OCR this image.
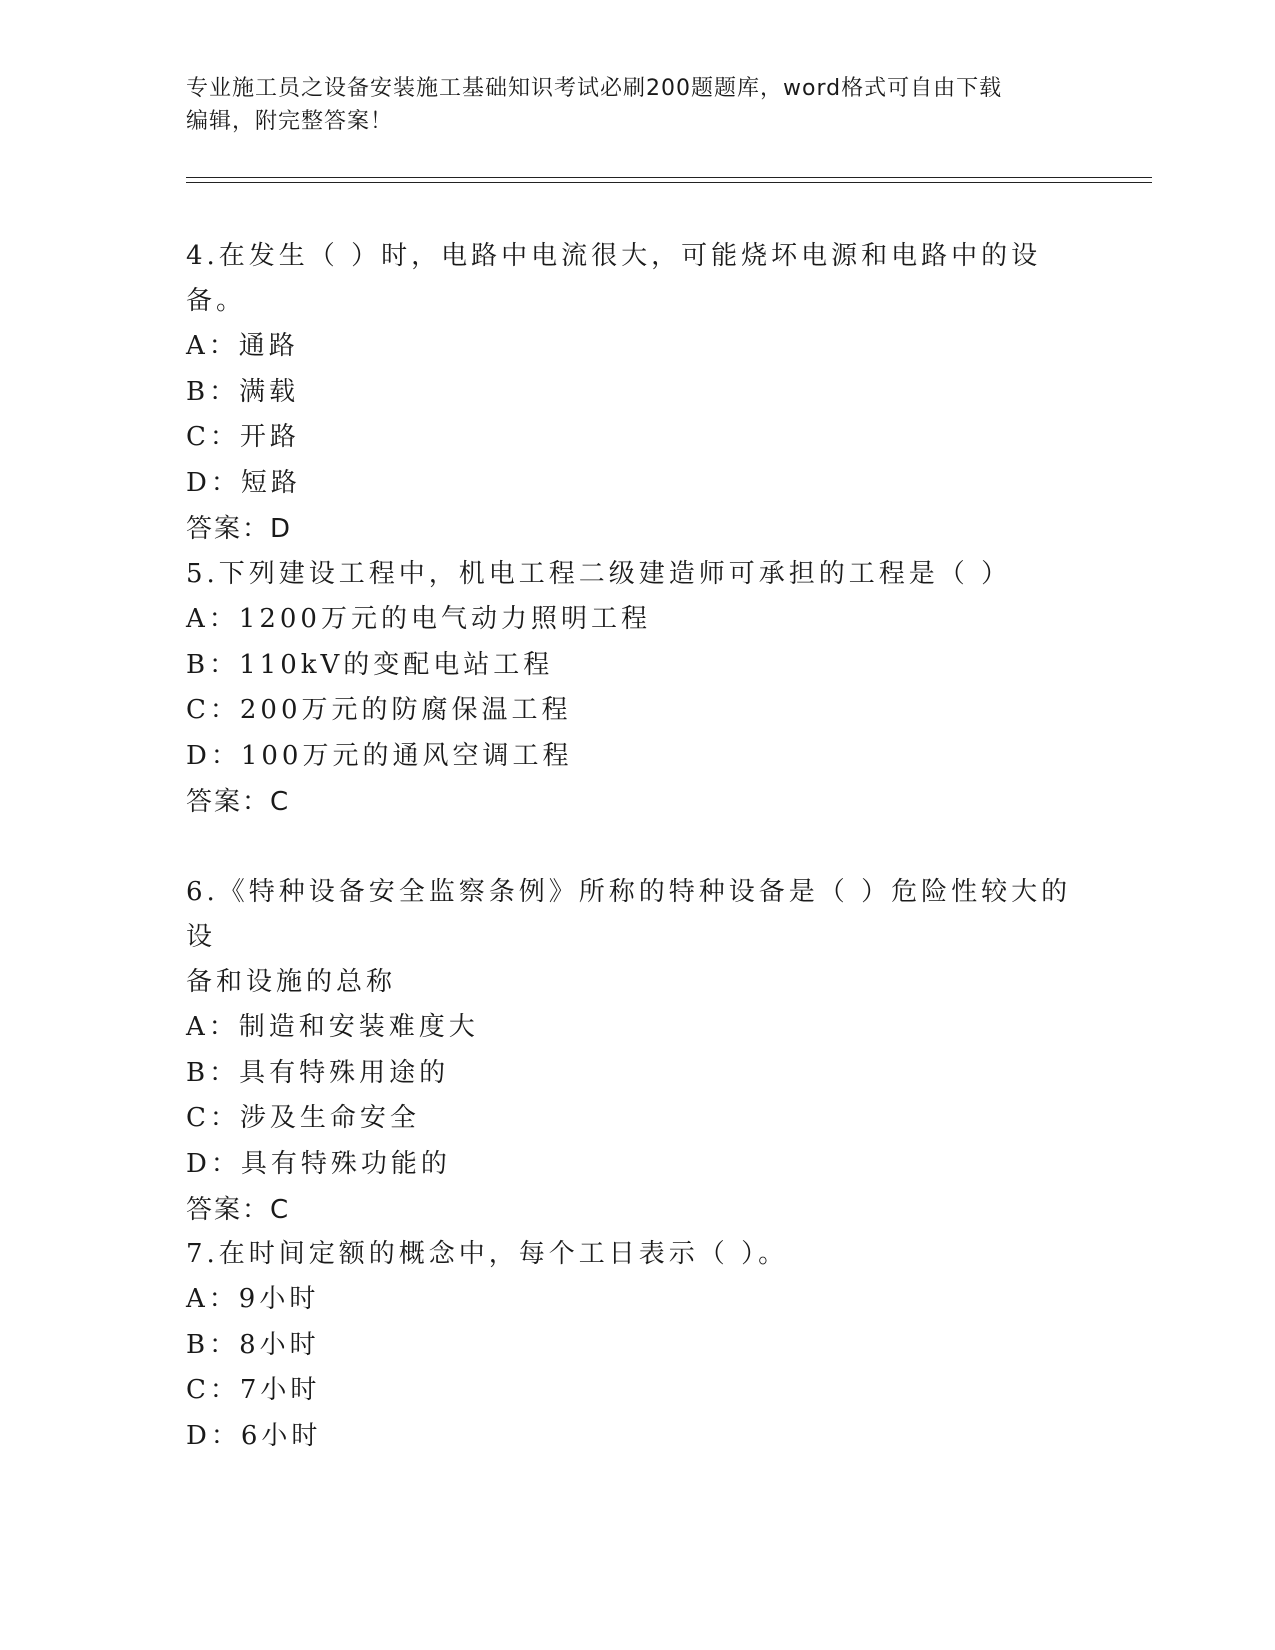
专业施工员之设备安装施工基础知识考试必刷200题题库，word格式可自由下载
编辑，附完整答案！
4.在发生（ ）时，电路中电流很大，可能烧坏电源和电路中的设备。
A：通路
B：满载
C：开路
D：短路
答案：D
5.下列建设工程中，机电工程二级建造师可承担的工程是（ ）
A：1200万元的电气动力照明工程
B：110kV的变配电站工程
C：200万元的防腐保温工程
D：100万元的通风空调工程
答案：C
6.《特种设备安全监察条例》所称的特种设备是（ ）危险性较大的设
备和设施的总称
A：制造和安装难度大
B：具有特殊用途的
C：涉及生命安全
D：具有特殊功能的
答案：C
7.在时间定额的概念中，每个工日表示（ ）。
A：9小时
B：8小时
C：7小时
D：6小时
